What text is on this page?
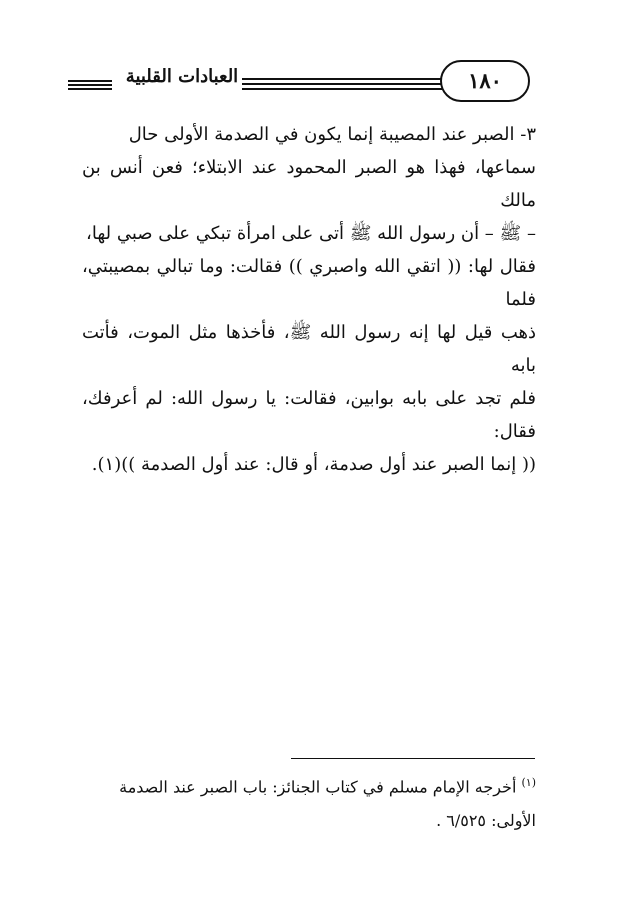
العبادات القلبية	١٨٠

٣- الصبر عند المصيبة إنما يكون في الصدمة الأولى حال

سماعها، فهذا هو الصبر المحمود عند الابتلاء؛ فعن أنس بن مالك

– ﷺ – أن رسول الله ﷺ أتى على امرأة تبكي على صبي لها،

فقال لها: (( اتقي الله واصبري )) فقالت: وما تبالي بمصيبتي، فلما

ذهب قيل لها إنه رسول الله ﷺ، فأخذها مثل الموت، فأتت بابه

فلم تجد على بابه بوابين، فقالت: يا رسول الله: لم أعرفك، فقال:

(( إنما الصبر عند أول صدمة، أو قال: عند أول الصدمة ))(١).

$^{(١)}$ أخرجه الإمام مسلم في كتاب الجنائز: باب الصبر عند الصدمة

الأولى: ٦/٥٢٥ .
